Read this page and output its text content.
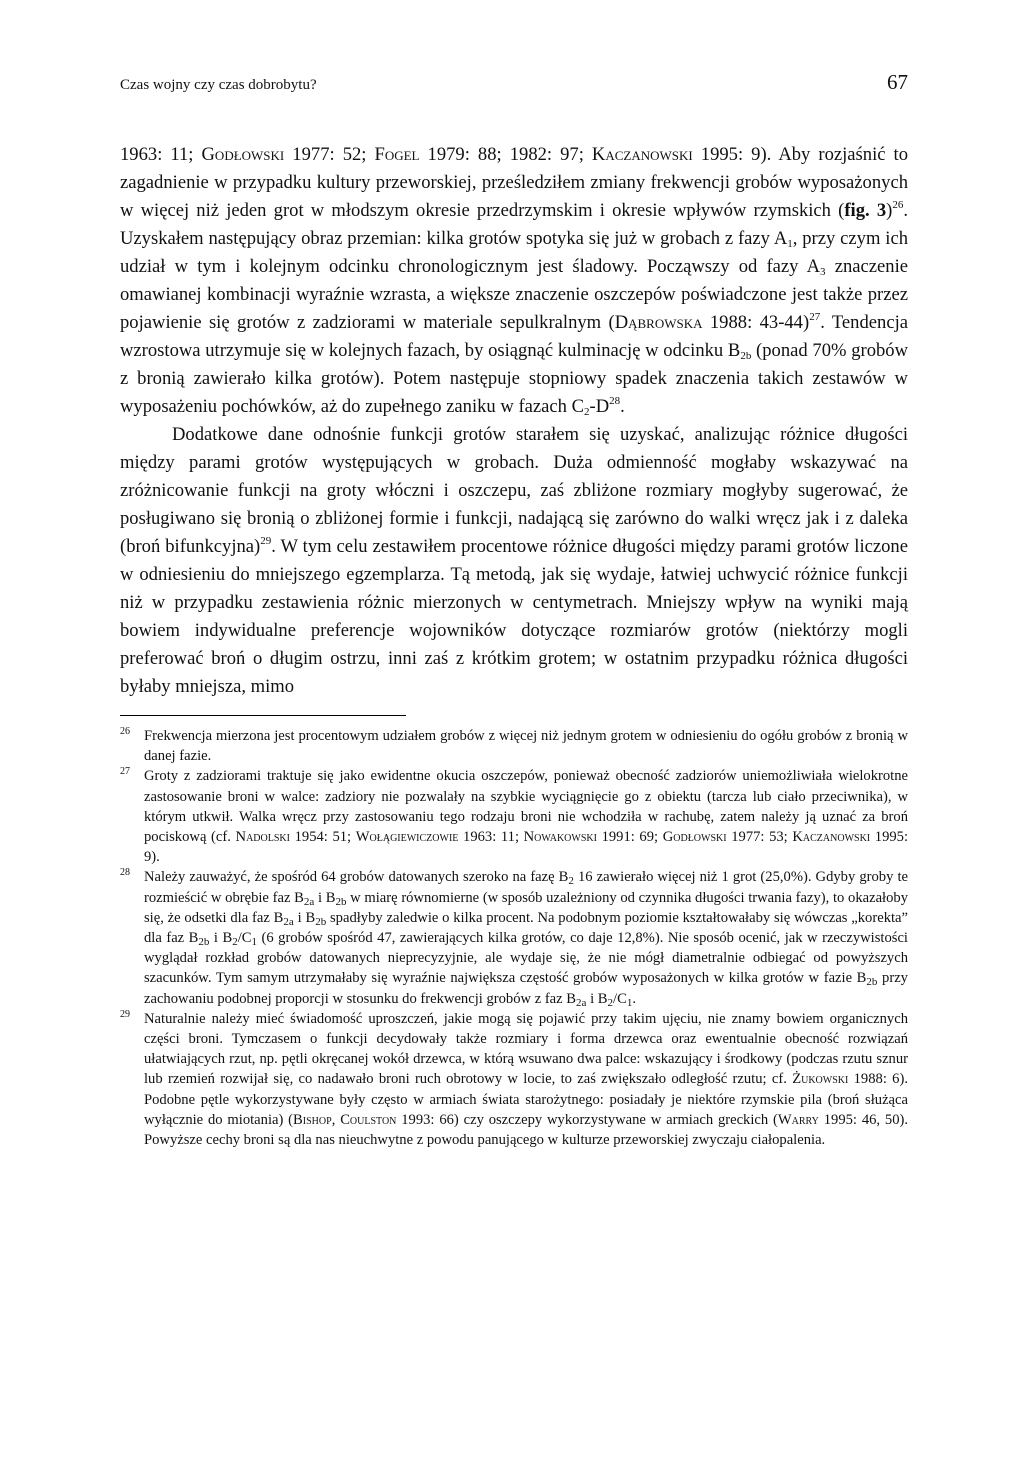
Czas wojny czy czas dobrobytu?	67

1963: 11; Godłowski 1977: 52; Fogel 1979: 88; 1982: 97; Kaczanowski 1995: 9). Aby rozjaśnić to zagadnienie w przypadku kultury przeworskiej, prześledziłem zmiany frekwencji grobów wyposażonych w więcej niż jeden grot w młodszym okresie przedrzymskim i okresie wpływów rzymskich (fig. 3)$^{26}$. Uzyskałem następujący obraz przemian: kilka grotów spotyka się już w grobach z fazy $A_1$, przy czym ich udział w tym i kolejnym odcinku chronologicznym jest śladowy. Począwszy od fazy $A_3$ znaczenie omawianej kombinacji wyraźnie wzrasta, a większe znaczenie oszczepów poświadczone jest także przez pojawienie się grotów z zadziorami w materiale sepulkralnym (Dąbrowska 1988: 43-44)$^{27}$. Tendencja wzrostowa utrzymuje się w kolejnych fazach, by osiągnąć kulminację w odcinku $B_{2b}$ (ponad 70% grobów z bronią zawierało kilka grotów). Potem następuje stopniowy spadek znaczenia takich zestawów w wyposażeniu pochówków, aż do zupełnego zaniku w fazach $C_2-D^{28}$.

Dodatkowe dane odnośnie funkcji grotów starałem się uzyskać, analizując różnice długości między parami grotów występujących w grobach. Duża odmienność mogłaby wskazywać na zróżnicowanie funkcji na groty włóczni i oszczepu, zaś zbliżone rozmiary mogłyby sugerować, że posługiwano się bronią o zbliżonej formie i funkcji, nadającą się zarówno do walki wręcz jak i z daleka (broń bifunkcyjna)$^{29}$. W tym celu zestawiłem procentowe różnice długości między parami grotów liczone w odniesieniu do mniejszego egzemplarza. Tą metodą, jak się wydaje, łatwiej uchwycić różnice funkcji niż w przypadku zestawienia różnic mierzonych w centymetrach. Mniejszy wpływ na wyniki mają bowiem indywidualne preferencje wojowników dotyczące rozmiarów grotów (niektórzy mogli preferować broń o długim ostrzu, inni zaś z krótkim grotem; w ostatnim przypadku różnica długości byłaby mniejsza, mimo

26 Frekwencja mierzona jest procentowym udziałem grobów z więcej niż jednym grotem w odniesieniu do ogółu grobów z bronią w danej fazie.

27 Groty z zadziorami traktuje się jako ewidentne okucia oszczepów, ponieważ obecność zadziorów uniemożliwiała wielokrotne zastosowanie broni w walce: zadziory nie pozwalały na szybkie wyciągnięcie go z obiektu (tarcza lub ciało przeciwnika), w którym utkwił. Walka wręcz przy zastosowaniu tego rodzaju broni nie wchodziła w rachubę, zatem należy ją uznać za broń pociskową (cf. Nadolski 1954: 51; Wołągiewiczowie 1963: 11; Nowakowski 1991: 69; Godłowski 1977: 53; Kaczanowski 1995: 9).

28 Należy zauważyć, że spośród 64 grobów datowanych szeroko na fazę $B_2$ 16 zawierało więcej niż 1 grot (25,0%). Gdyby groby te rozmieścić w obrębie faz $B_{2a}$ i $B_{2b}$ w miarę równomierne (w sposób uzależniony od czynnika długości trwania fazy), to okazałoby się, że odsetki dla faz $B_{2a}$ i $B_{2b}$ spadłyby zaledwie o kilka procent. Na podobnym poziomie kształtowałaby się wówczas „korekta” dla faz $B_{2b}$ i $B_2/C_1$ (6 grobów spośród 47, zawierających kilka grotów, co daje 12,8%). Nie sposób ocenić, jak w rzeczywistości wyglądał rozkład grobów datowanych nieprecyzyjnie, ale wydaje się, że nie mógł diametralnie odbiegać od powyższych szacunków. Tym samym utrzymałaby się wyraźnie największa częstość grobów wyposażonych w kilka grotów w fazie $B_{2b}$ przy zachowaniu podobnej proporcji w stosunku do frekwencji grobów z faz $B_{2a}$ i $B_2/C_1$.

29 Naturalnie należy mieć świadomość uproszczeń, jakie mogą się pojawić przy takim ujęciu, nie znamy bowiem organicznych części broni. Tymczasem o funkcji decydowały także rozmiary i forma drzewca oraz ewentualnie obecność rozwiązań ułatwiających rzut, np. pętli okręcanej wokół drzewca, w którą wsuwano dwa palce: wskazujący i środkowy (podczas rzutu sznur lub rzemień rozwijał się, co nadawało broni ruch obrotowy w locie, to zaś zwiększało odległość rzutu; cf. Żukowski 1988: 6). Podobne pętle wykorzystywane były często w armiach świata starożytnego: posiadały je niektóre rzymskie pila (broń służąca wyłącznie do miotania) (Bishop, Coulston 1993: 66) czy oszczepy wykorzystywane w armiach greckich (Warry 1995: 46, 50). Powyższe cechy broni są dla nas nieuchwytne z powodu panującego w kulturze przeworskiej zwyczaju ciałopalenia.
